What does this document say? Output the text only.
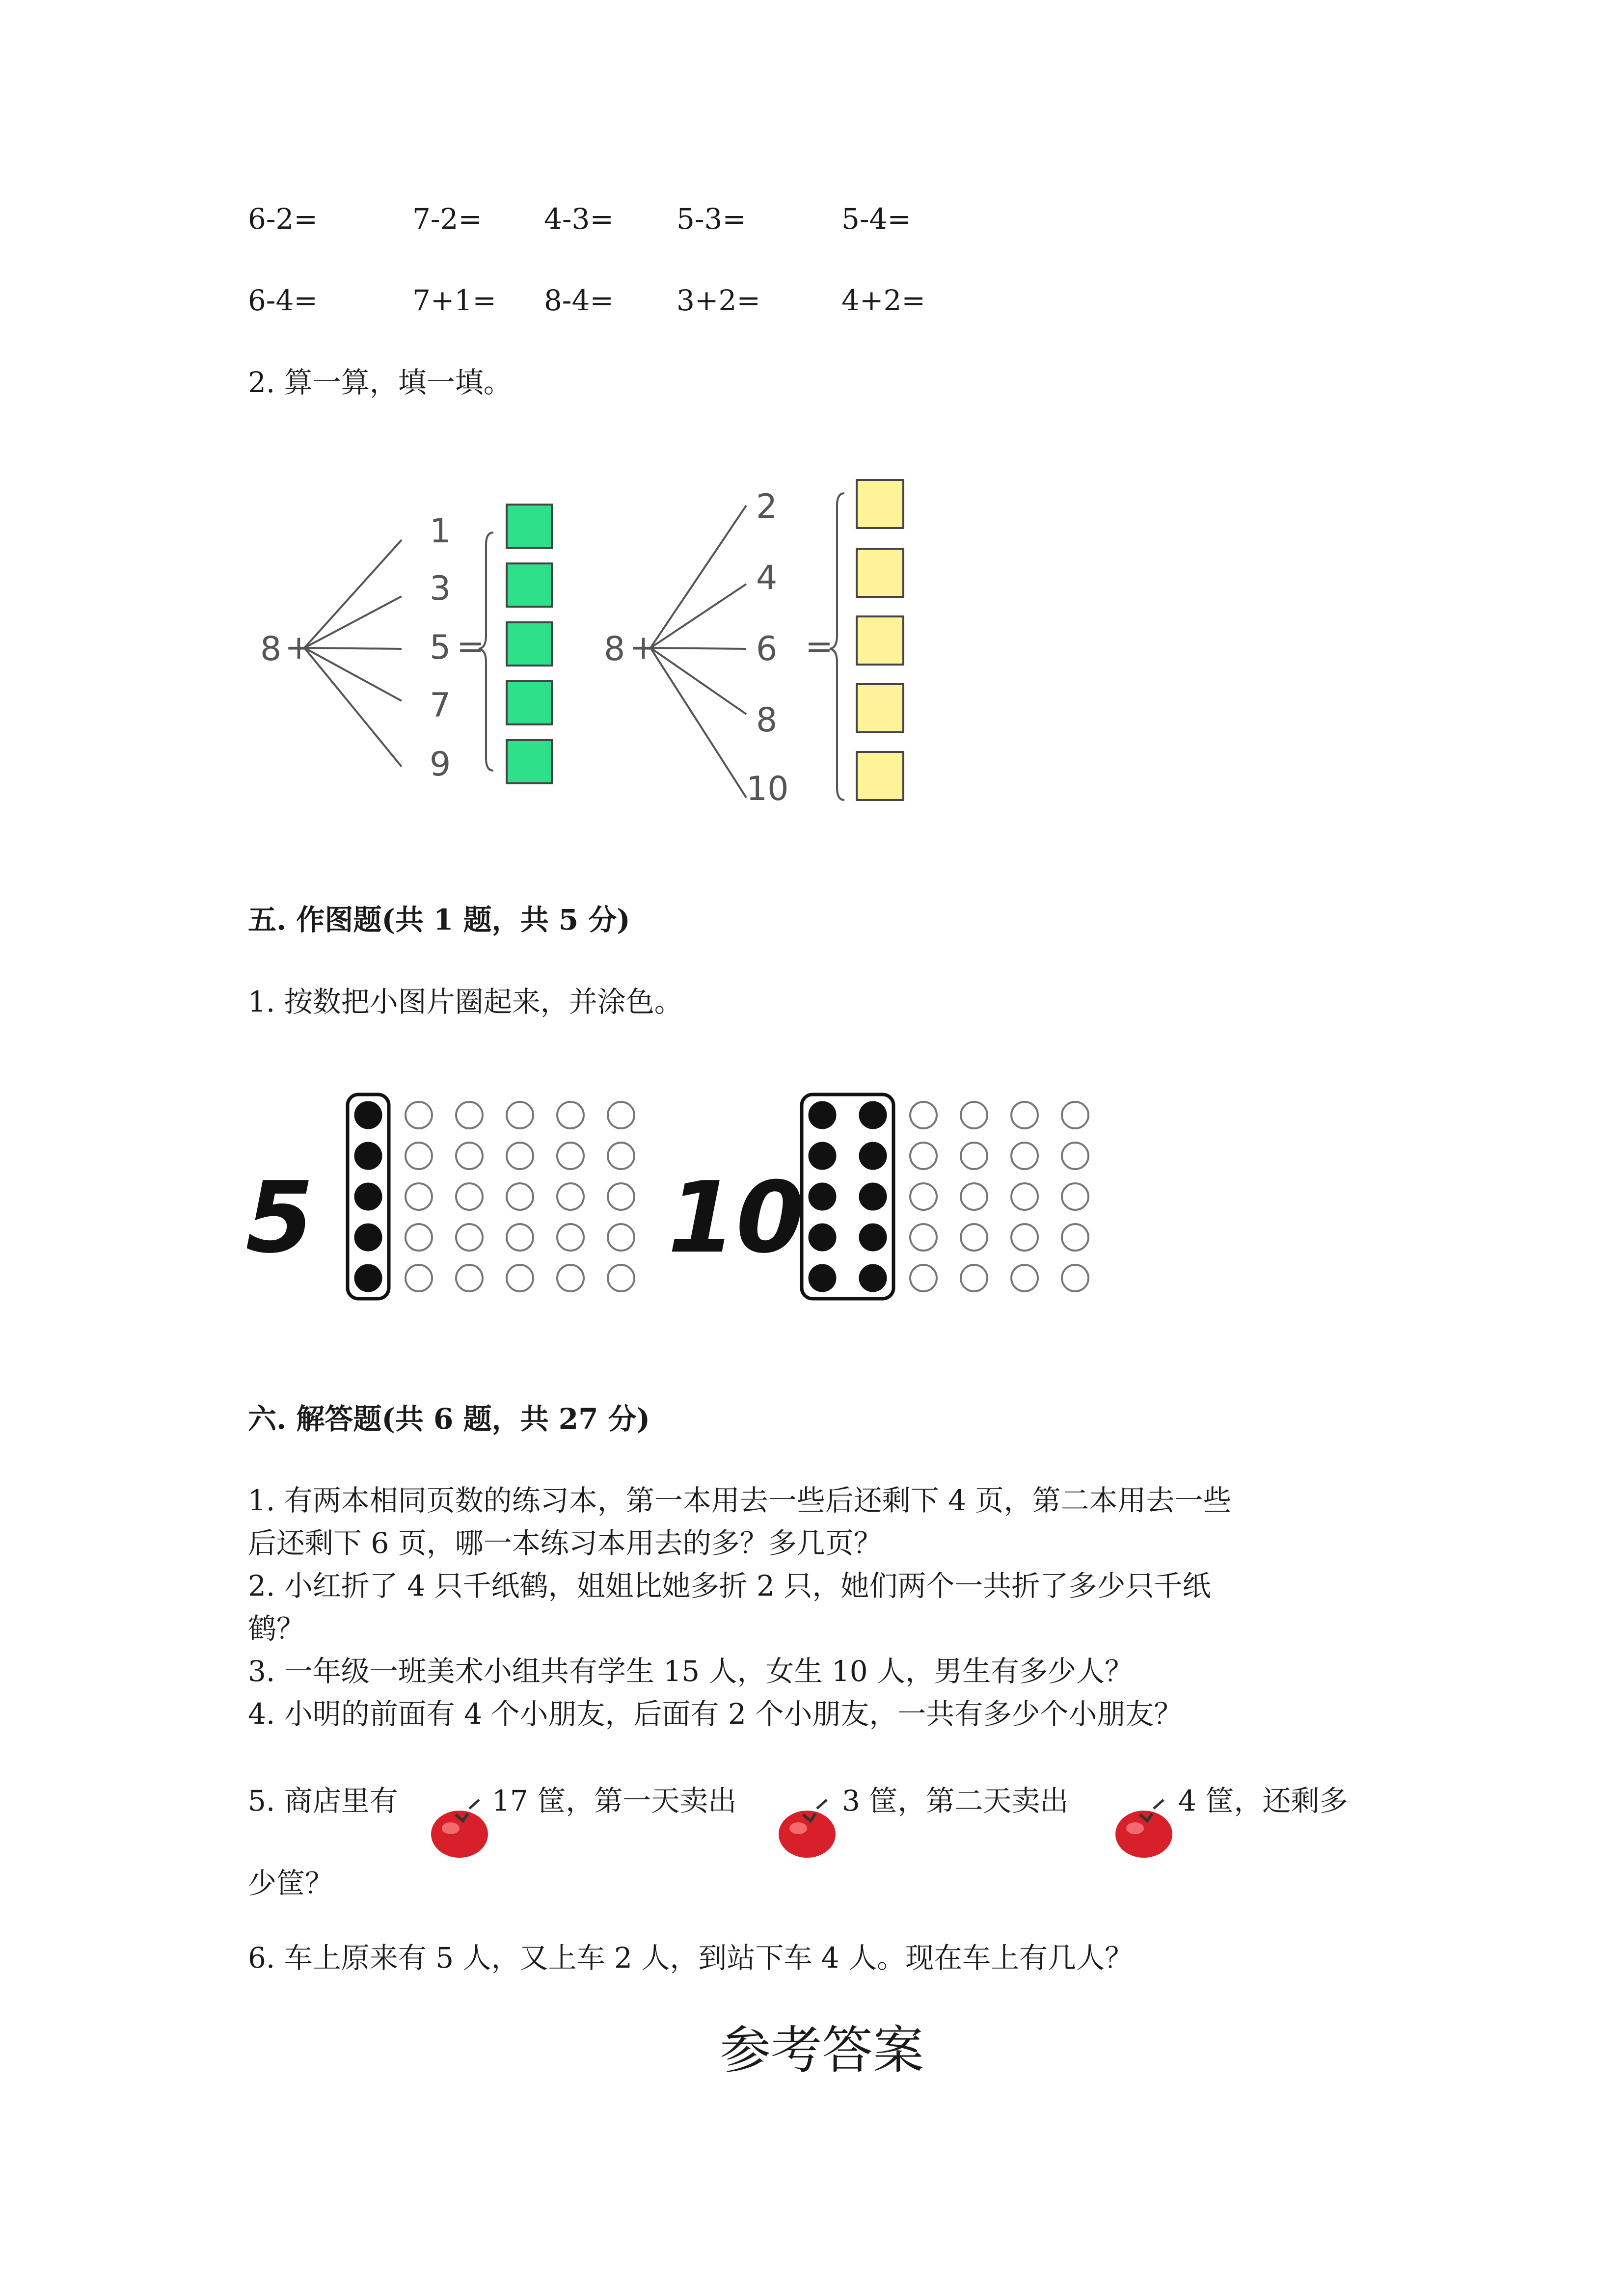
6-2=	7-2= 4-3= 5-3=	5-4=
6-4=	7+1= 8-4= 3+2=	4+2=
2. 算一算，填一填。
8 +
1
3
5
7
9
=	8 +
2
4
6
8
10
=
五. 作图题(共 1 题，共 5 分)
1. 按数把小图片圈起来，并涂色。
5	10
六. 解答题(共 6 题，共 27 分)
1. 有两本相同页数的练习本，第一本用去一些后还剩下 4 页，第二本用去一些
后还剩下 6 页，哪一本练习本用去的多？多几页？
2. 小红折了 4 只千纸鹤，姐姐比她多折 2 只，她们两个一共折了多少只千纸
鹤？
3. 一年级一班美术小组共有学生 15 人，女生 10 人，男生有多少人？
4. 小明的前面有 4 个小朋友，后面有 2 个小朋友，一共有多少个小朋友？
5. 商店里有	17 筐，第一天卖出	3 筐，第二天卖出	4 筐，还剩多
少筐？
6. 车上原来有 5 人，又上车 2 人，到站下车 4 人。现在车上有几人？
参考答案
